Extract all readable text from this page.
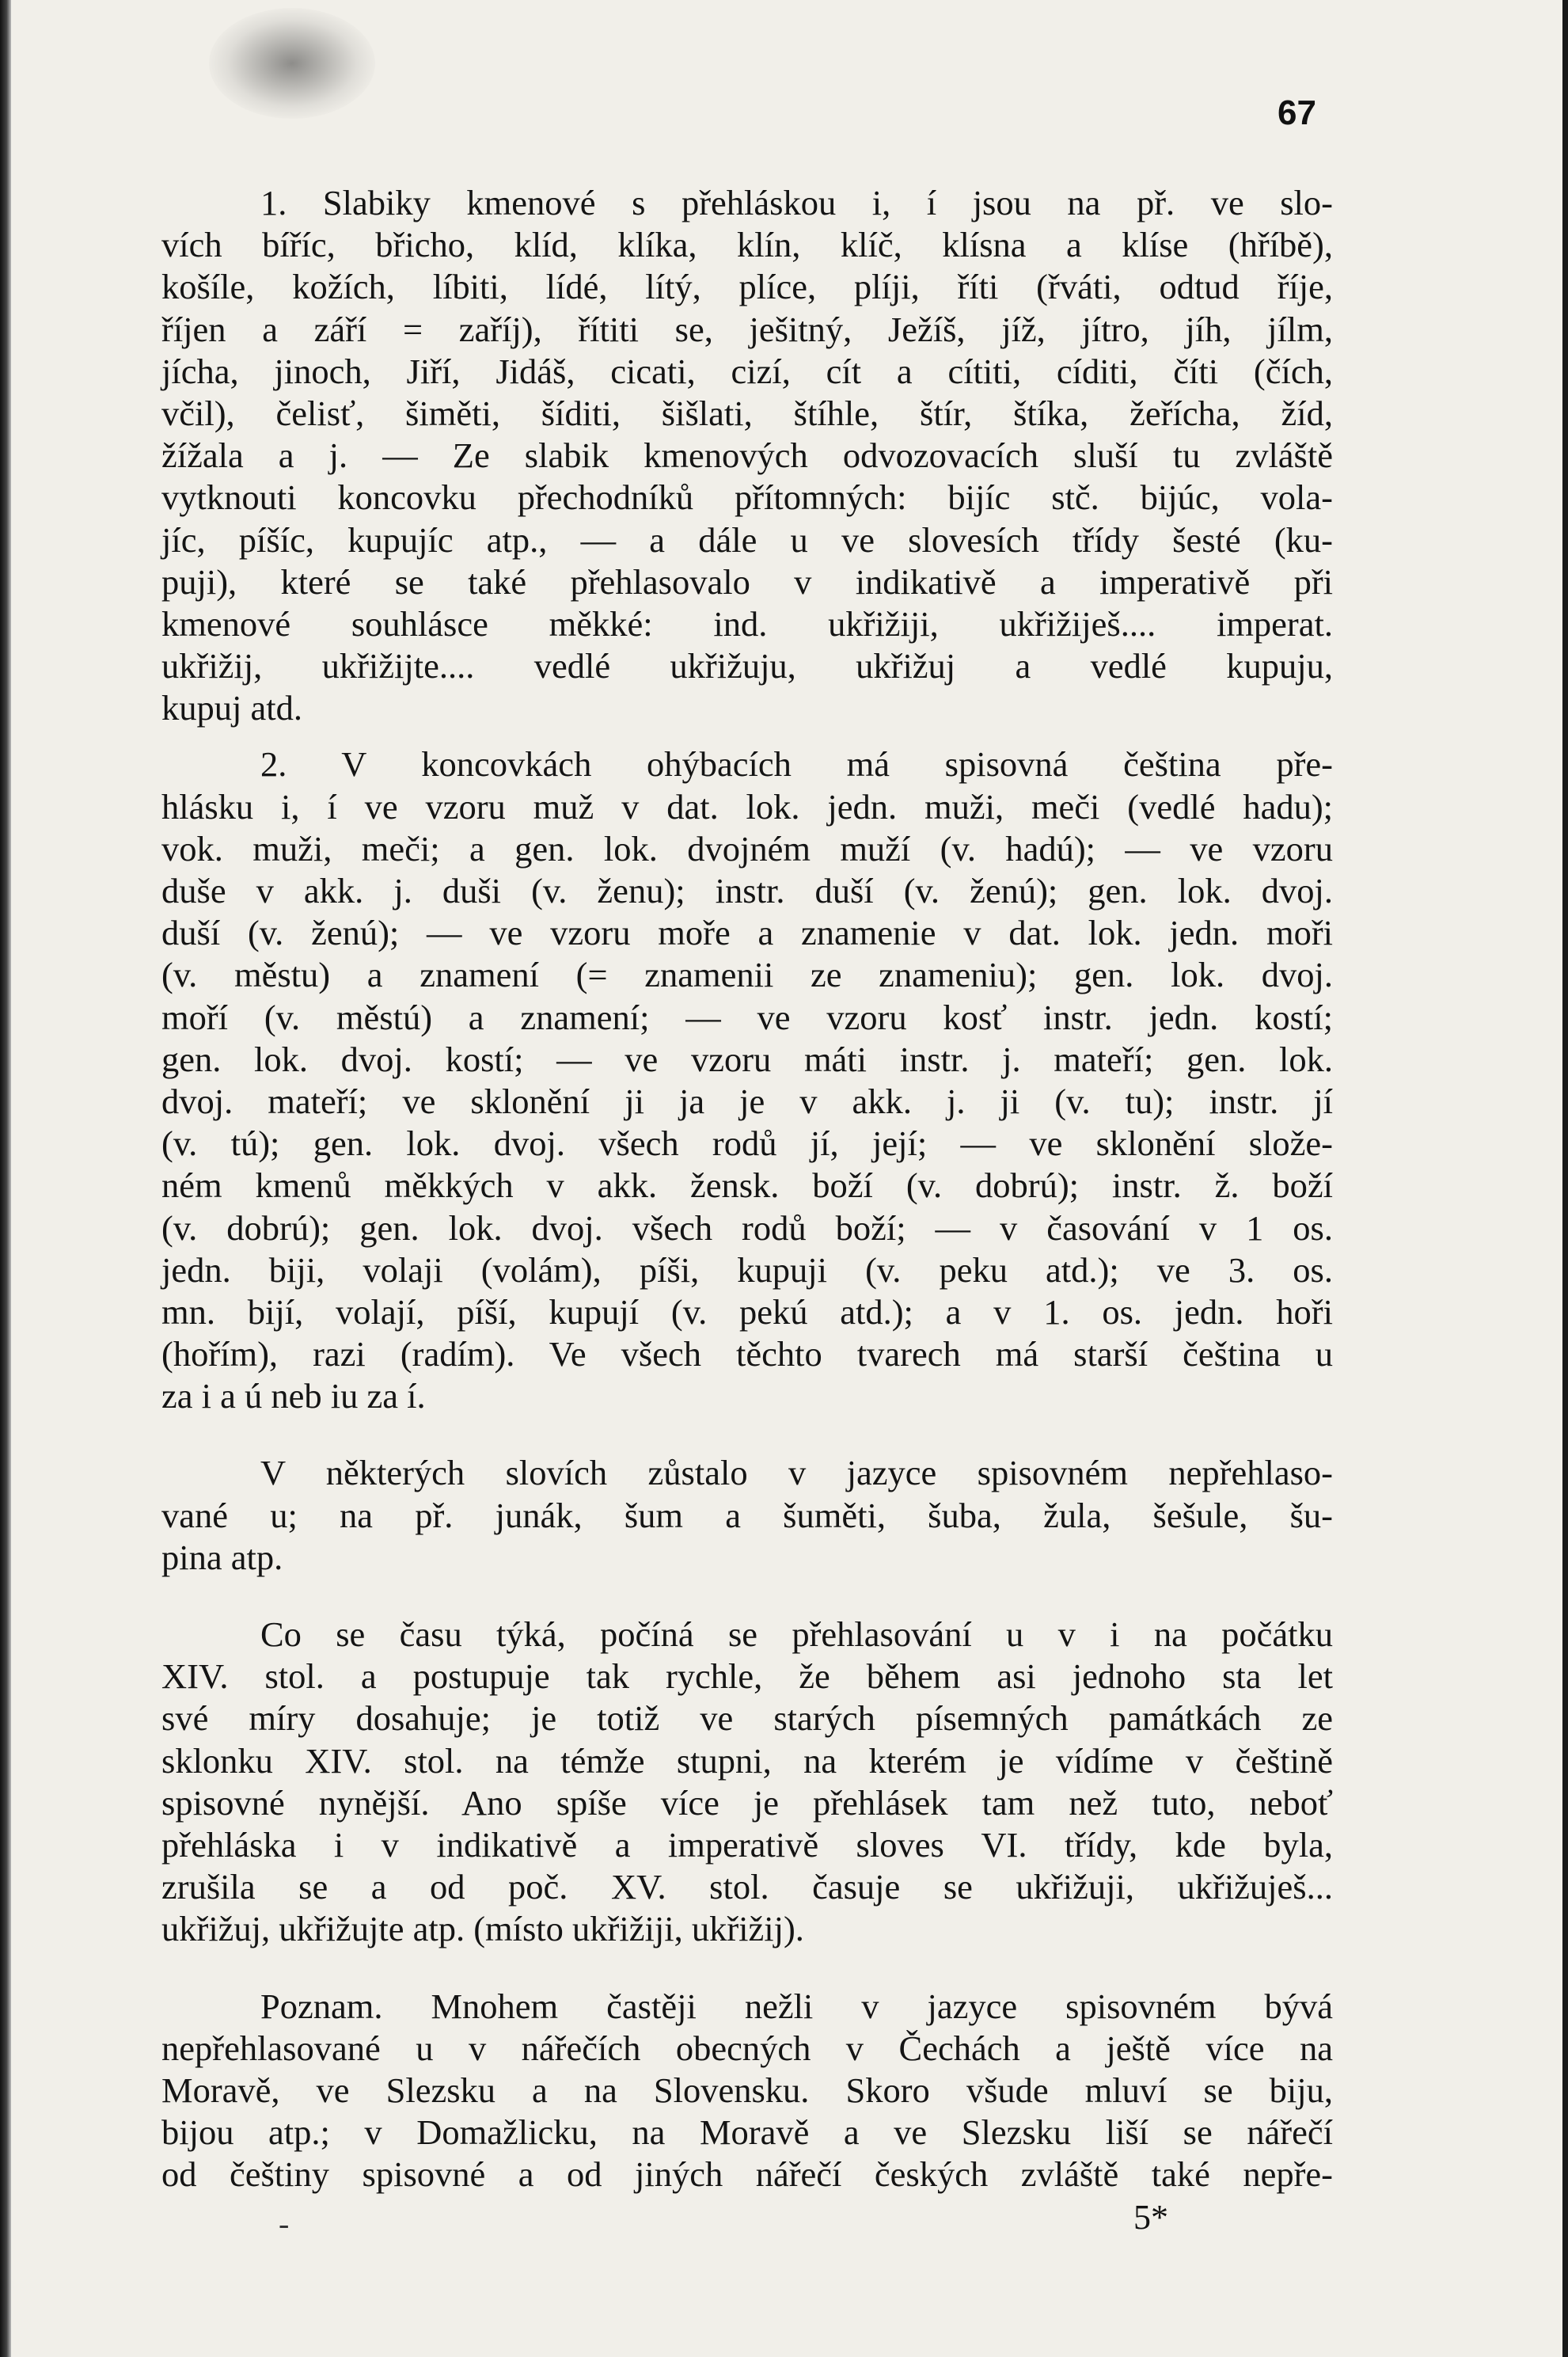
67
1. Slabiky kmenové s přehláskou i, í jsou na př. ve slo-
vích bíříc, břicho, klíd, klíka, klín, klíč, klísna a klíse (hříbě),
košíle, kožích, líbiti, lídé, lítý, plíce, plíji, říti (řváti, odtud říje,
říjen a září = zaříj), řítiti se, ješitný, Ježíš, jíž, jítro, jíh, jílm,
jícha, jinoch, Jiří, Jidáš, cicati, cizí, cít a cítiti, cíditi, číti (čích,
včil), čelisť, šiměti, šíditi, šišlati, štíhle, štír, štíka, žeřícha, žíd,
žížala a j. — Ze slabik kmenových odvozovacích sluší tu zvláště
vytknouti koncovku přechodníků přítomných: bijíc stč. bijúc, vola-
jíc, píšíc, kupujíc atp., — a dále u ve slovesích třídy šesté (ku-
puji), které se také přehlasovalo v indikativě a imperativě při
kmenové souhlásce měkké: ind. ukřižiji, ukřižiješ.... imperat.
ukřižij, ukřižijte.... vedlé ukřižuju, ukřižuj a vedlé kupuju,
kupuj atd.
2. V koncovkách ohýbacích má spisovná čeština pře-
hlásku i, í ve vzoru muž v dat. lok. jedn. muži, meči (vedlé hadu);
vok. muži, meči; a gen. lok. dvojném muží (v. hadú); — ve vzoru
duše v akk. j. duši (v. ženu); instr. duší (v. ženú); gen. lok. dvoj.
duší (v. ženú); — ve vzoru moře a znamenie v dat. lok. jedn. moři
(v. městu) a znamení (= znamenii ze znameniu); gen. lok. dvoj.
moří (v. městú) a znamení; — ve vzoru kosť instr. jedn. kostí;
gen. lok. dvoj. kostí; — ve vzoru máti instr. j. mateří; gen. lok.
dvoj. mateří; ve sklonění ji ja je v akk. j. ji (v. tu); instr. jí
(v. tú); gen. lok. dvoj. všech rodů jí, její; — ve sklonění slože-
ném kmenů měkkých v akk. žensk. boží (v. dobrú); instr. ž. boží
(v. dobrú); gen. lok. dvoj. všech rodů boží; — v časování v 1 os.
jedn. biji, volaji (volám), píši, kupuji (v. peku atd.); ve 3. os.
mn. bijí, volají, píší, kupují (v. pekú atd.); a v 1. os. jedn. hoři
(hořím), razi (radím). Ve všech těchto tvarech má starší čeština u
za i a ú neb iu za í.
V některých slovích zůstalo v jazyce spisovném nepřehlaso-
vané u; na př. junák, šum a šuměti, šuba, žula, šešule, šu-
pina atp.
Co se času týká, počíná se přehlasování u v i na počátku
XIV. stol. a postupuje tak rychle, že během asi jednoho sta let
své míry dosahuje; je totiž ve starých písemných památkách ze
sklonku XIV. stol. na témže stupni, na kterém je vídíme v češtině
spisovné nynější. Ano spíše více je přehlásek tam než tuto, neboť
přehláska i v indikativě a imperativě sloves VI. třídy, kde byla,
zrušila se a od poč. XV. stol. časuje se ukřižuji, ukřižuješ...
ukřižuj, ukřižujte atp. (místo ukřižiji, ukřižij).
Poznam. Mnohem častěji nežli v jazyce spisovném bývá
nepřehlasované u v nářečích obecných v Čechách a ještě více na
Moravě, ve Slezsku a na Slovensku. Skoro všude mluví se biju,
bijou atp.; v Domažlicku, na Moravě a ve Slezsku liší se nářečí
od češtiny spisovné a od jiných nářečí českých zvláště také nepře-
-	5*
